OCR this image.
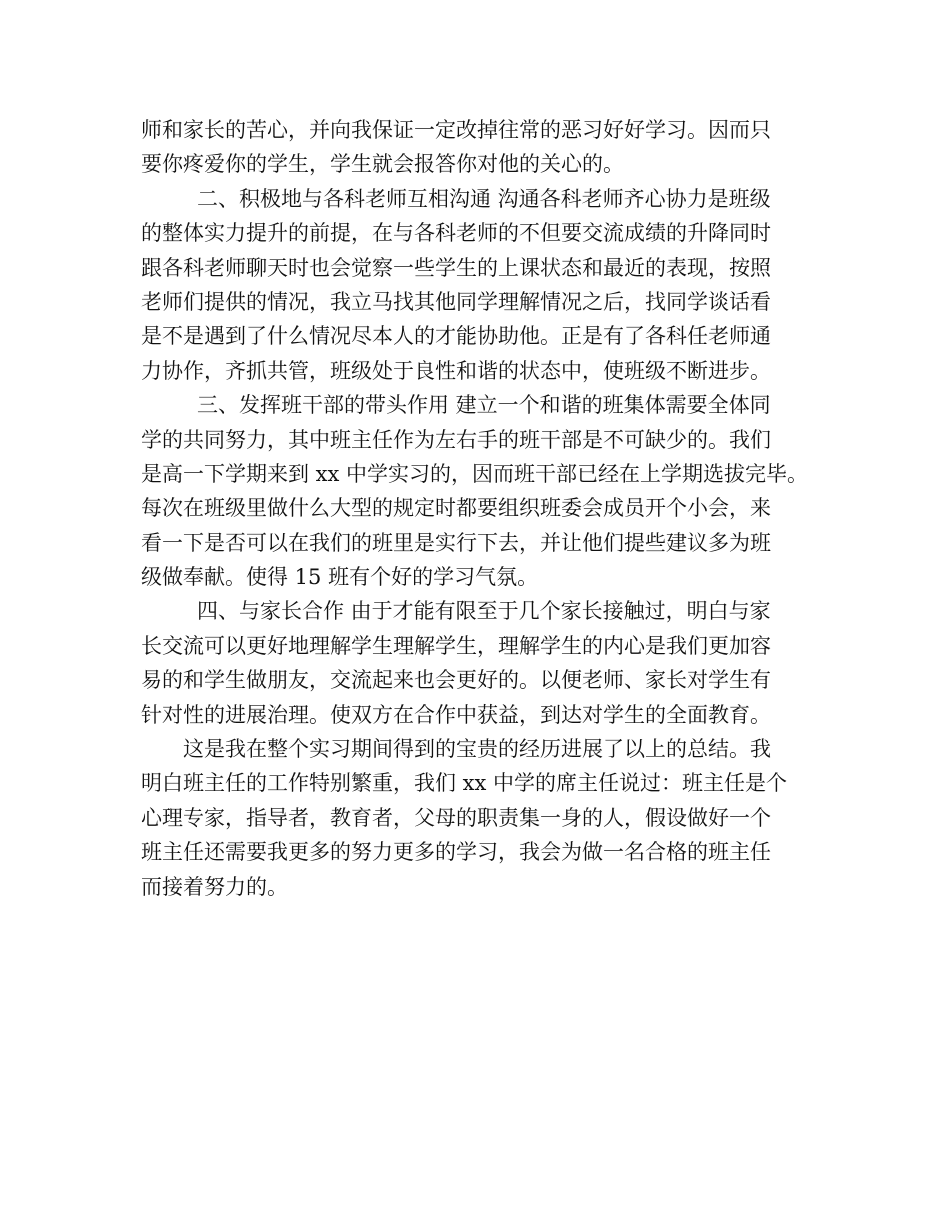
师和家长的苦心，并向我保证一定改掉往常的恶习好好学习。因而只
要你疼爱你的学生，学生就会报答你对他的关心的。
二、积极地与各科老师互相沟通 沟通各科老师齐心协力是班级
的整体实力提升的前提，在与各科老师的不但要交流成绩的升降同时
跟各科老师聊天时也会觉察一些学生的上课状态和最近的表现，按照
老师们提供的情况，我立马找其他同学理解情况之后，找同学谈话看
是不是遇到了什么情况尽本人的才能协助他。正是有了各科任老师通
力协作，齐抓共管，班级处于良性和谐的状态中，使班级不断进步。
三、发挥班干部的带头作用 建立一个和谐的班集体需要全体同
学的共同努力，其中班主任作为左右手的班干部是不可缺少的。我们
是高一下学期来到 xx 中学实习的，因而班干部已经在上学期选拔完毕。
每次在班级里做什么大型的规定时都要组织班委会成员开个小会，来
看一下是否可以在我们的班里是实行下去，并让他们提些建议多为班
级做奉献。使得 15 班有个好的学习气氛。
四、与家长合作 由于才能有限至于几个家长接触过，明白与家
长交流可以更好地理解学生理解学生，理解学生的内心是我们更加容
易的和学生做朋友，交流起来也会更好的。以便老师、家长对学生有
针对性的进展治理。使双方在合作中获益，到达对学生的全面教育。
这是我在整个实习期间得到的宝贵的经历进展了以上的总结。我
明白班主任的工作特别繁重，我们 xx 中学的席主任说过：班主任是个
心理专家，指导者，教育者，父母的职责集一身的人，假设做好一个
班主任还需要我更多的努力更多的学习，我会为做一名合格的班主任
而接着努力的。
